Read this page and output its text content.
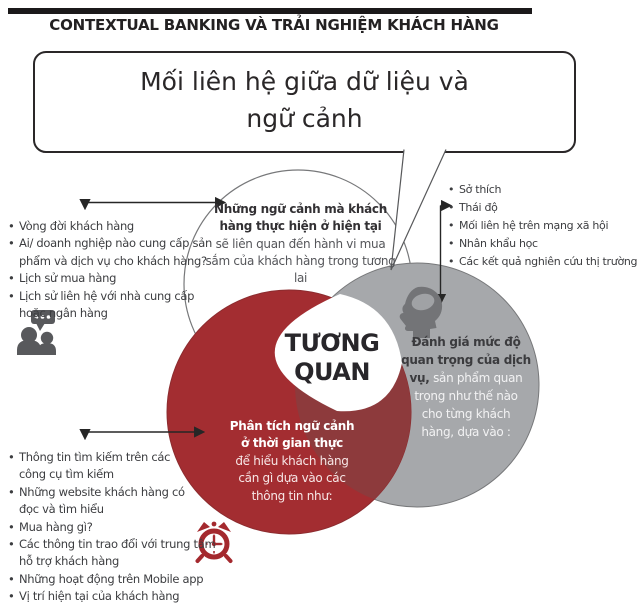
CONTEXTUAL BANKING VÀ TRẢI NGHIỆM KHÁCH HÀNG
Mối liên hệ giữa dữ liệu và
ngữ cảnh
Những ngữ cảnh mà khách
hàng thực hiện ở hiện tại
sẽ liên quan đến hành vi mua
sắm của khách hàng trong tương
lai
Đánh giá mức độ
quan trọng của dịch
vụ, sản phẩm quan
trọng như thế nào
cho từng khách
hàng, dựa vào :
Phân tích ngữ cảnh
ở thời gian thực
để hiểu khách hàng
cần gì dựa vào các
thông tin như:
TƯƠNG
QUAN
• Vòng đời khách hàng
• Ai/ doanh nghiệp nào cung cấp sản
phẩm và dịch vụ cho khách hàng?
• Lịch sử mua hàng
• Lịch sử liên hệ với nhà cung cấp
hoặc ngân hàng
• Sở thích
• Thái độ
• Mối liên hệ trên mạng xã hội
• Nhân khẩu học
• Các kết quả nghiên cứu thị trường
• Thông tin tìm kiếm trên các
công cụ tìm kiếm
• Những website khách hàng có
đọc và tìm hiểu
• Mua hàng gì?
• Các thông tin trao đổi với trung tâm
hỗ trợ khách hàng
• Những hoạt động trên Mobile app
• Vị trí hiện tại của khách hàng
